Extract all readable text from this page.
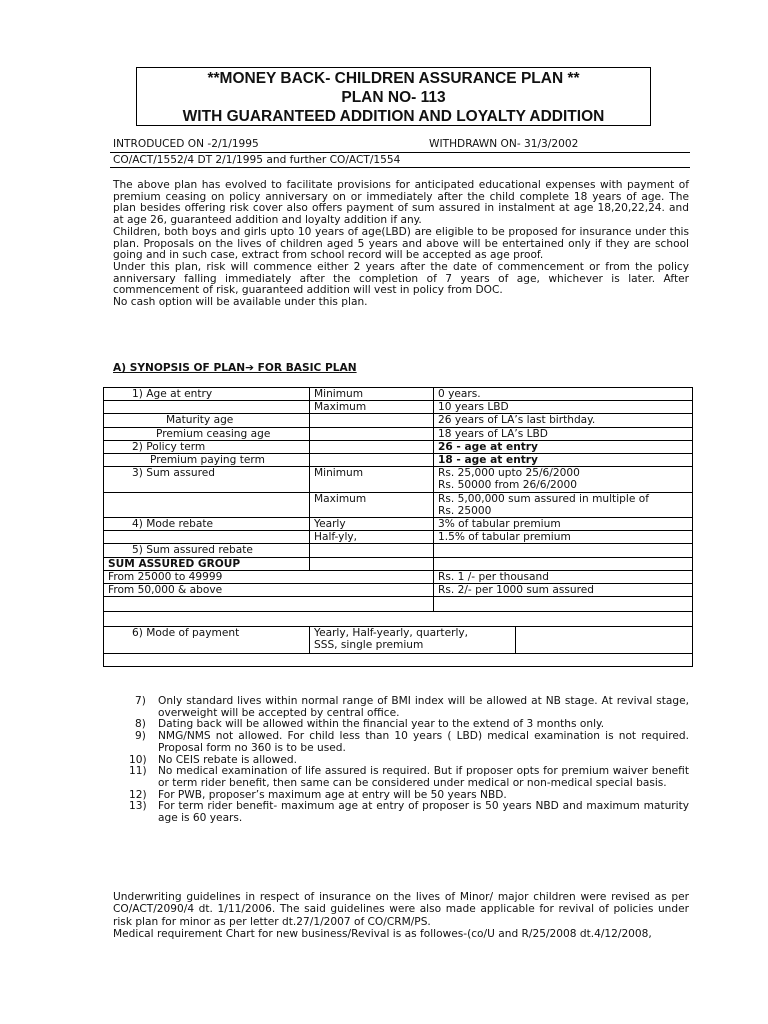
**MONEY BACK- CHILDREN ASSURANCE PLAN **
PLAN NO- 113
WITH GUARANTEED ADDITION AND LOYALTY ADDITION
INTRODUCED ON -2/1/1995	WITHDRAWN ON- 31/3/2002
CO/ACT/1552/4 DT 2/1/1995 and further CO/ACT/1554

The above plan has evolved to facilitate provisions for anticipated educational expenses with payment of premium ceasing on policy anniversary on or immediately after the child complete 18 years of age. The plan besides offering risk cover also offers payment of sum assured in instalment at age 18,20,22,24. and at age 26, guaranteed addition and loyalty addition if any.

Children, both boys and girls upto 10 years of age(LBD) are eligible to be proposed for insurance under this plan. Proposals on the lives of children aged 5 years and above will be entertained only if they are school going and in such case, extract from school record will be accepted as age proof.

Under this plan, risk will commence either 2 years after the date of commencement or from the policy anniversary falling immediately after the completion of 7 years of age, whichever is later. After commencement of risk, guaranteed addition will vest in policy from DOC.

No cash option will be available under this plan.

A) SYNOPSIS OF PLAN➔ FOR BASIC PLAN
1) Age at entry	Minimum	0 years.	
	Maximum	10 years LBD	
Maturity age		26 years of LA’s last birthday.	
Premium ceasing age		18 years of LA’s LBD	
2) Policy term		26 - age at entry	
Premium paying term		18 - age at entry	
3) Sum assured	Minimum	Rs. 25,000 upto 25/6/2000
Rs. 50000 from 26/6/2000	

	Maximum	Rs. 5,00,000 sum assured in multiple of
Rs. 25000	

4) Mode rebate	Yearly	3% of tabular premium	
	Half-yly,	1.5% of tabular premium	
5) Sum assured rebate			
SUM ASSURED GROUP			
From 25000 to 49999		Rs. 1 /- per thousand	
From 50,000 & above		Rs. 2/- per 1000 sum assured	

6) Mode of payment	Yearly, Half-yearly, quarterly,
SSS, single premium		

7) Only standard lives within normal range of BMI index will be allowed at NB stage. At revival stage, overweight will be accepted by central office.
8) Dating back will be allowed within the financial year to the extend of 3 months only.
9) NMG/NMS not allowed. For child less than 10 years ( LBD) medical examination is not required. Proposal form no 360 is to be used.
10) No CEIS rebate is allowed.
11) No medical examination of life assured is required. But if proposer opts for premium waiver benefit or term rider benefit, then same can be considered under medical or non-medical special basis.
12) For PWB, proposer’s maximum age at entry will be 50 years NBD.
13) For term rider benefit- maximum age at entry of proposer is 50 years NBD and maximum maturity age is 60 years.

Underwriting guidelines in respect of insurance on the lives of Minor/ major children were revised as per CO/ACT/2090/4 dt. 1/11/2006. The said guidelines were also made applicable for revival of policies under risk plan for minor as per letter dt.27/1/2007 of CO/CRM/PS.

Medical requirement Chart for new business/Revival is as followes-(co/U and R/25/2008 dt.4/12/2008,
